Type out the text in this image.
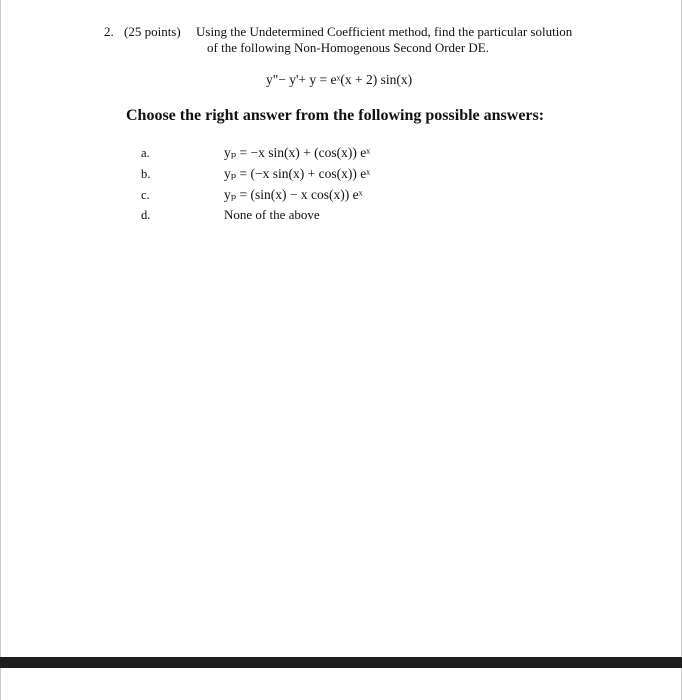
2. (25 points) Using the Undetermined Coefficient method, find the particular solution
of the following Non-Homogenous Second Order DE.
y"− y'+ y = eˣ(x + 2) sin(x)
Choose the right answer from the following possible answers:
a.	yₚ = −x sin(x) + (cos(x)) eˣ
b.	yₚ = (−x sin(x) + cos(x)) eˣ
c.	yₚ = (sin(x) − x cos(x)) eˣ
d.	None of the above
